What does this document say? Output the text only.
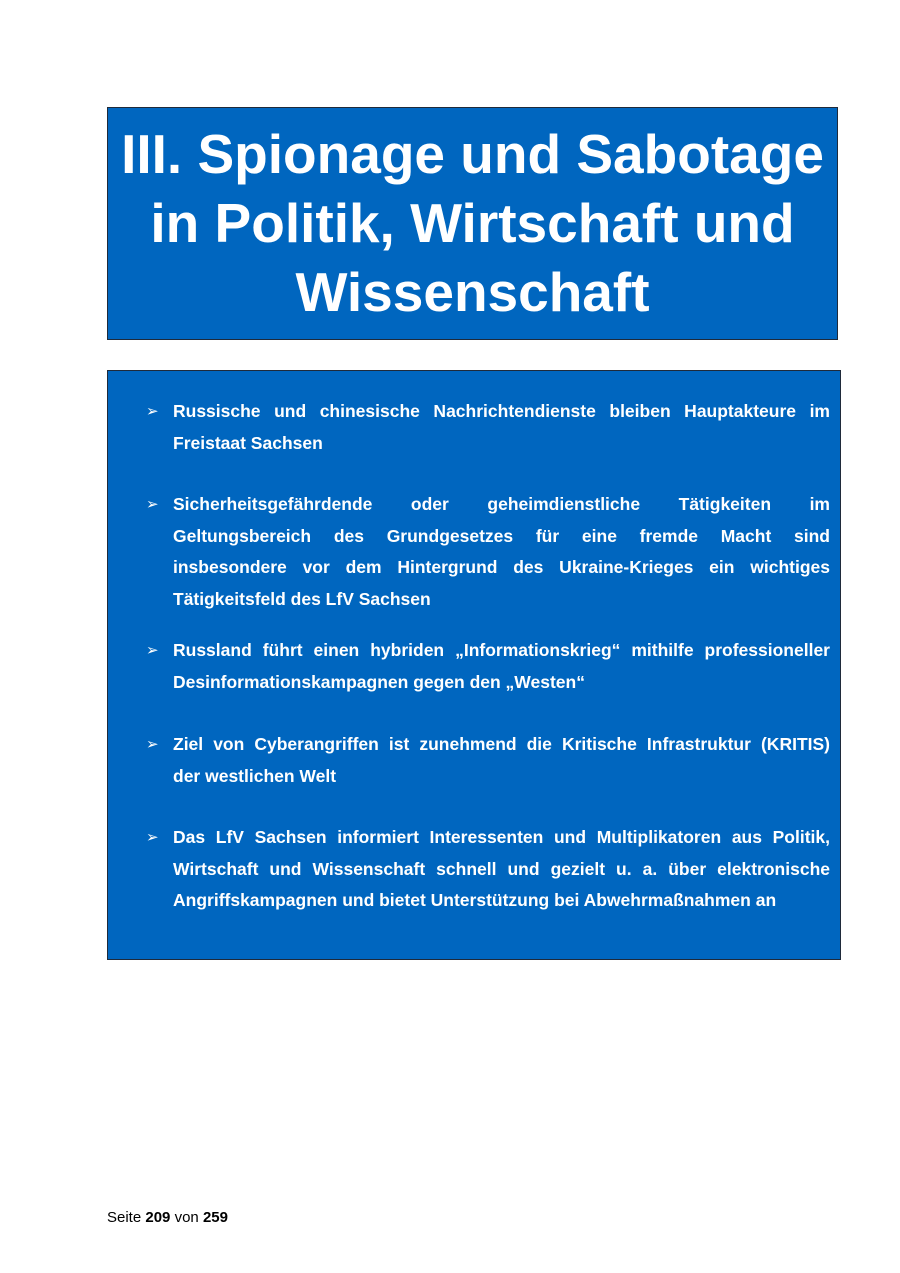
III. Spionage und Sabotage
in Politik, Wirtschaft und
Wissenschaft
➢ Russische und chinesische Nachrichtendienste bleiben Hauptakteure im
Freistaat Sachsen
➢ Sicherheitsgefährdende oder geheimdienstliche Tätigkeiten im
Geltungsbereich des Grundgesetzes für eine fremde Macht sind
insbesondere vor dem Hintergrund des Ukraine-Krieges ein wichtiges
Tätigkeitsfeld des LfV Sachsen
➢ Russland führt einen hybriden „Informationskrieg“ mithilfe professioneller
Desinformationskampagnen gegen den „Westen“
➢ Ziel von Cyberangriffen ist zunehmend die Kritische Infrastruktur (KRITIS)
der westlichen Welt
➢ Das LfV Sachsen informiert Interessenten und Multiplikatoren aus Politik,
Wirtschaft und Wissenschaft schnell und gezielt u. a. über elektronische
Angriffskampagnen und bietet Unterstützung bei Abwehrmaßnahmen an
Seite 209 von 259
